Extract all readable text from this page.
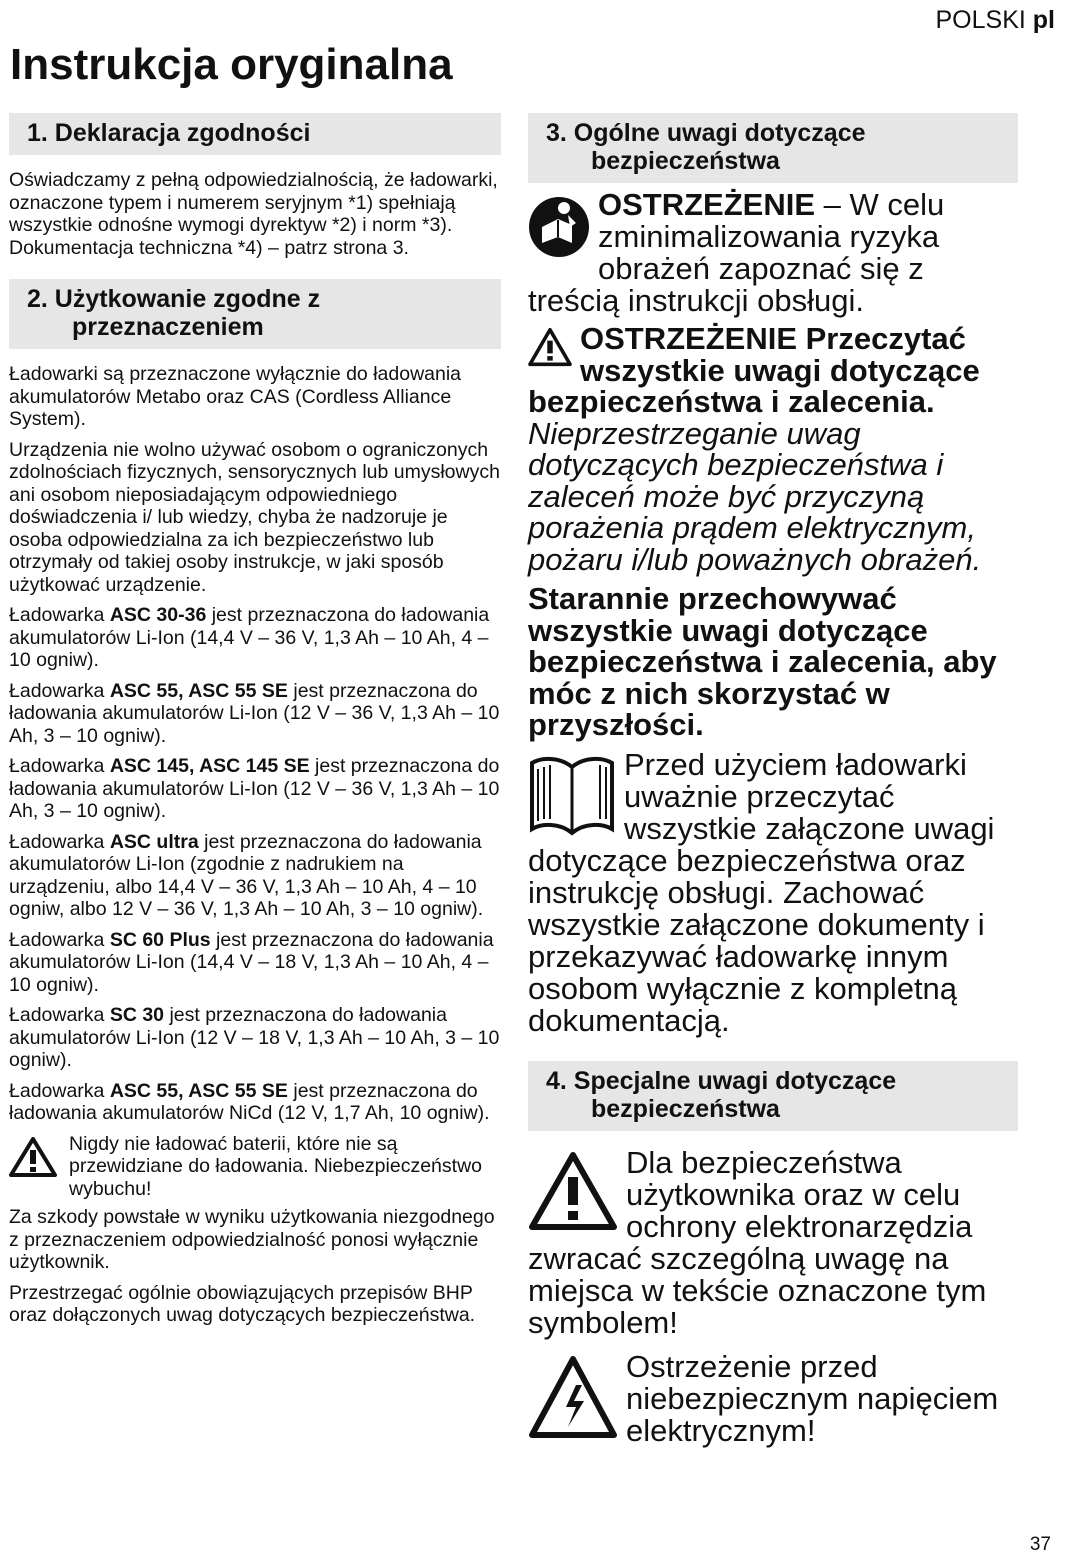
POLSKI pl
Instrukcja oryginalna
1. Deklaracja zgodności

Oświadczamy z pełną odpowiedzialnością, że ładowarki, oznaczone typem i numerem seryjnym *1) spełniają wszystkie odnośne wymogi dyrektyw *2) i norm *3). Dokumentacja techniczna *4) – patrz strona 3.

2. Użytkowanie zgodne z
przeznaczeniem

Ładowarki są przeznaczone wyłącznie do ładowania akumulatorów Metabo oraz CAS (Cordless Alliance System).

Urządzenia nie wolno używać osobom o ograniczonych zdolnościach fizycznych, sensorycznych lub umysłowych ani osobom nieposiadającym odpowiedniego doświadczenia i/ lub wiedzy, chyba że nadzoruje je osoba odpowiedzialna za ich bezpieczeństwo lub otrzymały od takiej osoby instrukcje, w jaki sposób użytkować urządzenie.

Ładowarka ASC 30-36 jest przeznaczona do ładowania akumulatorów Li-Ion (14,4 V – 36 V, 1,3 Ah – 10 Ah, 4 – 10 ogniw).

Ładowarka ASC 55, ASC 55 SE jest przeznaczona do ładowania akumulatorów Li-Ion (12 V – 36 V, 1,3 Ah – 10 Ah, 3 – 10 ogniw).

Ładowarka ASC 145, ASC 145 SE jest przeznaczona do ładowania akumulatorów Li-Ion (12 V – 36 V, 1,3 Ah – 10 Ah, 3 – 10 ogniw).

Ładowarka ASC ultra jest przeznaczona do ładowania akumulatorów Li-Ion (zgodnie z nadrukiem na urządzeniu, albo 14,4 V – 36 V, 1,3 Ah – 10 Ah, 4 – 10 ogniw, albo 12 V – 36 V, 1,3 Ah – 10 Ah, 3 – 10 ogniw).

Ładowarka SC 60 Plus jest przeznaczona do ładowania akumulatorów Li-Ion (14,4 V – 18 V, 1,3 Ah – 10 Ah, 4 – 10 ogniw).

Ładowarka SC 30 jest przeznaczona do ładowania akumulatorów Li-Ion (12 V – 18 V, 1,3 Ah – 10 Ah, 3 – 10 ogniw).

Ładowarka ASC 55, ASC 55 SE jest przeznaczona do ładowania akumulatorów NiCd (12 V, 1,7 Ah, 10 ogniw).

Nigdy nie ładować baterii, które nie są przewidziane do ładowania. Niebezpieczeństwo wybuchu!

Za szkody powstałe w wyniku użytkowania niezgodnego z przeznaczeniem odpowiedzialność ponosi wyłącznie użytkownik.

Przestrzegać ogólnie obowiązujących przepisów BHP oraz dołączonych uwag dotyczących bezpieczeństwa.

3. Ogólne uwagi dotyczące
bezpieczeństwa

OSTRZEŻENIE – W celu zminimalizowania ryzyka obrażeń zapoznać się z treścią instrukcji obsługi.

OSTRZEŻENIE Przeczytać wszystkie uwagi dotyczące bezpieczeństwa i zalecenia.
Nieprzestrzeganie uwag dotyczących bezpieczeństwa i zaleceń może być przyczyną porażenia prądem elektrycznym, pożaru i/lub poważnych obrażeń.

Starannie przechowywać wszystkie uwagi dotyczące bezpieczeństwa i zalecenia, aby móc z nich skorzystać w przyszłości.

Przed użyciem ładowarki uważnie przeczytać wszystkie załączone uwagi dotyczące bezpieczeństwa oraz instrukcję obsługi. Zachować wszystkie załączone dokumenty i przekazywać ładowarkę innym osobom wyłącznie z kompletną dokumentacją.

4. Specjalne uwagi dotyczące
bezpieczeństwa

Dla bezpieczeństwa użytkownika oraz w celu ochrony elektronarzędzia zwracać szczególną uwagę na miejsca w tekście oznaczone tym symbolem!

Ostrzeżenie przed niebezpiecznym napięciem elektrycznym!

37
